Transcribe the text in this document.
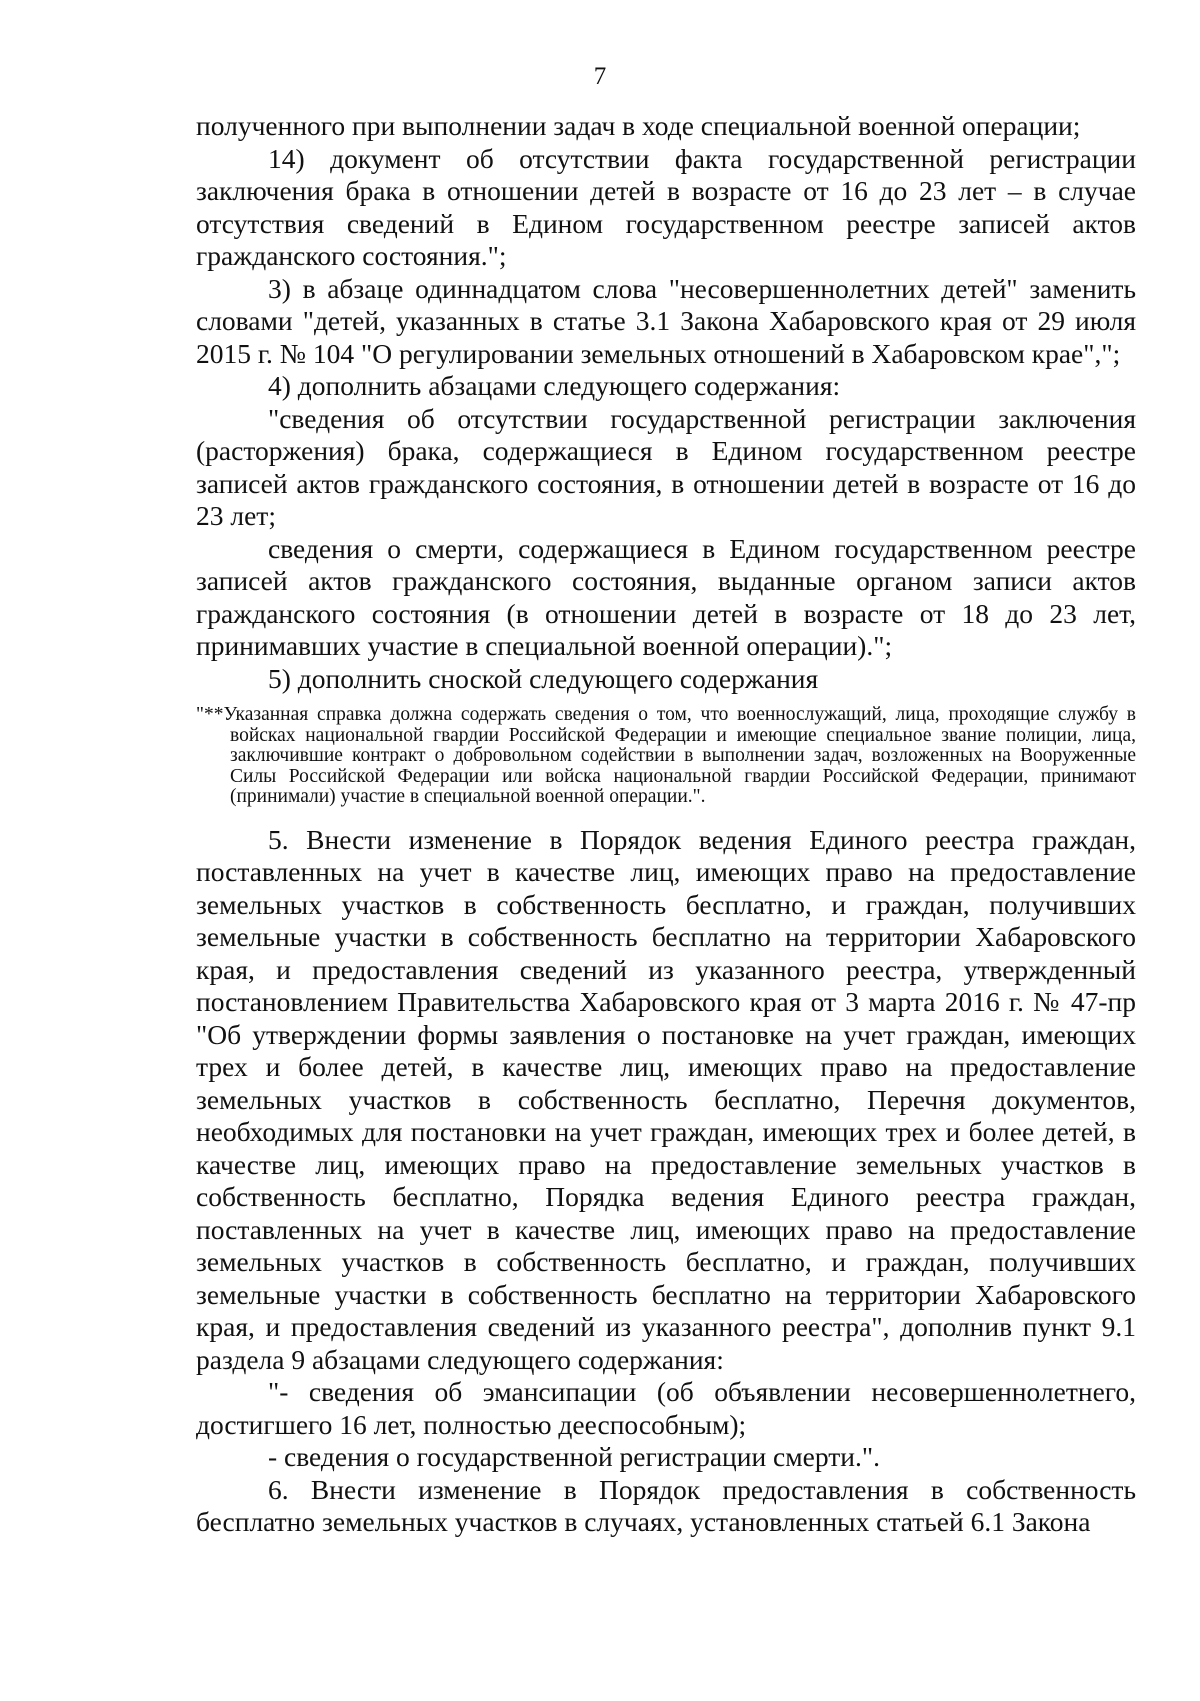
7

полученного при выполнении задач в ходе специальной военной операции;

14) документ об отсутствии факта государственной регистрации заключения брака в отношении детей в возрасте от 16 до 23 лет – в случае отсутствия сведений в Едином государственном реестре записей актов гражданского состояния.";

3) в абзаце одиннадцатом слова "несовершеннолетних детей" заменить словами "детей, указанных в статье 3.1 Закона Хабаровского края от 29 июля 2015 г. № 104 "О регулировании земельных отношений в Хабаровском крае",";

4) дополнить абзацами следующего содержания:

"сведения об отсутствии государственной регистрации заключения (расторжения) брака, содержащиеся в Едином государственном реестре записей актов гражданского состояния, в отношении детей в возрасте от 16 до 23 лет;

сведения о смерти, содержащиеся в Едином государственном реестре записей актов гражданского состояния, выданные органом записи актов гражданского состояния (в отношении детей в возрасте от 18 до 23 лет, принимавших участие в специальной военной операции).";

5) дополнить сноской следующего содержания

"**Указанная справка должна содержать сведения о том, что военнослужащий, лица, проходящие службу в войсках национальной гвардии Российской Федерации и имеющие специальное звание полиции, лица, заключившие контракт о добровольном содействии в выполнении задач, возложенных на Вооруженные Силы Российской Федерации или войска национальной гвардии Российской Федерации, принимают (принимали) участие в специальной военной операции.".

5. Внести изменение в Порядок ведения Единого реестра граждан, поставленных на учет в качестве лиц, имеющих право на предоставление земельных участков в собственность бесплатно, и граждан, получивших земельные участки в собственность бесплатно на территории Хабаровского края, и предоставления сведений из указанного реестра, утвержденный постановлением Правительства Хабаровского края от 3 марта 2016 г. № 47-пр "Об утверждении формы заявления о постановке на учет граждан, имеющих трех и более детей, в качестве лиц, имеющих право на предоставление земельных участков в собственность бесплатно, Перечня документов, необходимых для постановки на учет граждан, имеющих трех и более детей, в качестве лиц, имеющих право на предоставление земельных участков в собственность бесплатно, Порядка ведения Единого реестра граждан, поставленных на учет в качестве лиц, имеющих право на предоставление земельных участков в собственность бесплатно, и граждан, получивших земельные участки в собственность бесплатно на территории Хабаровского края, и предоставления сведений из указанного реестра", дополнив пункт 9.1 раздела 9 абзацами следующего содержания:

"- сведения об эмансипации (об объявлении несовершеннолетнего, достигшего 16 лет, полностью дееспособным);

- сведения о государственной регистрации смерти.".

6. Внести изменение в Порядок предоставления в собственность бесплатно земельных участков в случаях, установленных статьей 6.1 Закона
